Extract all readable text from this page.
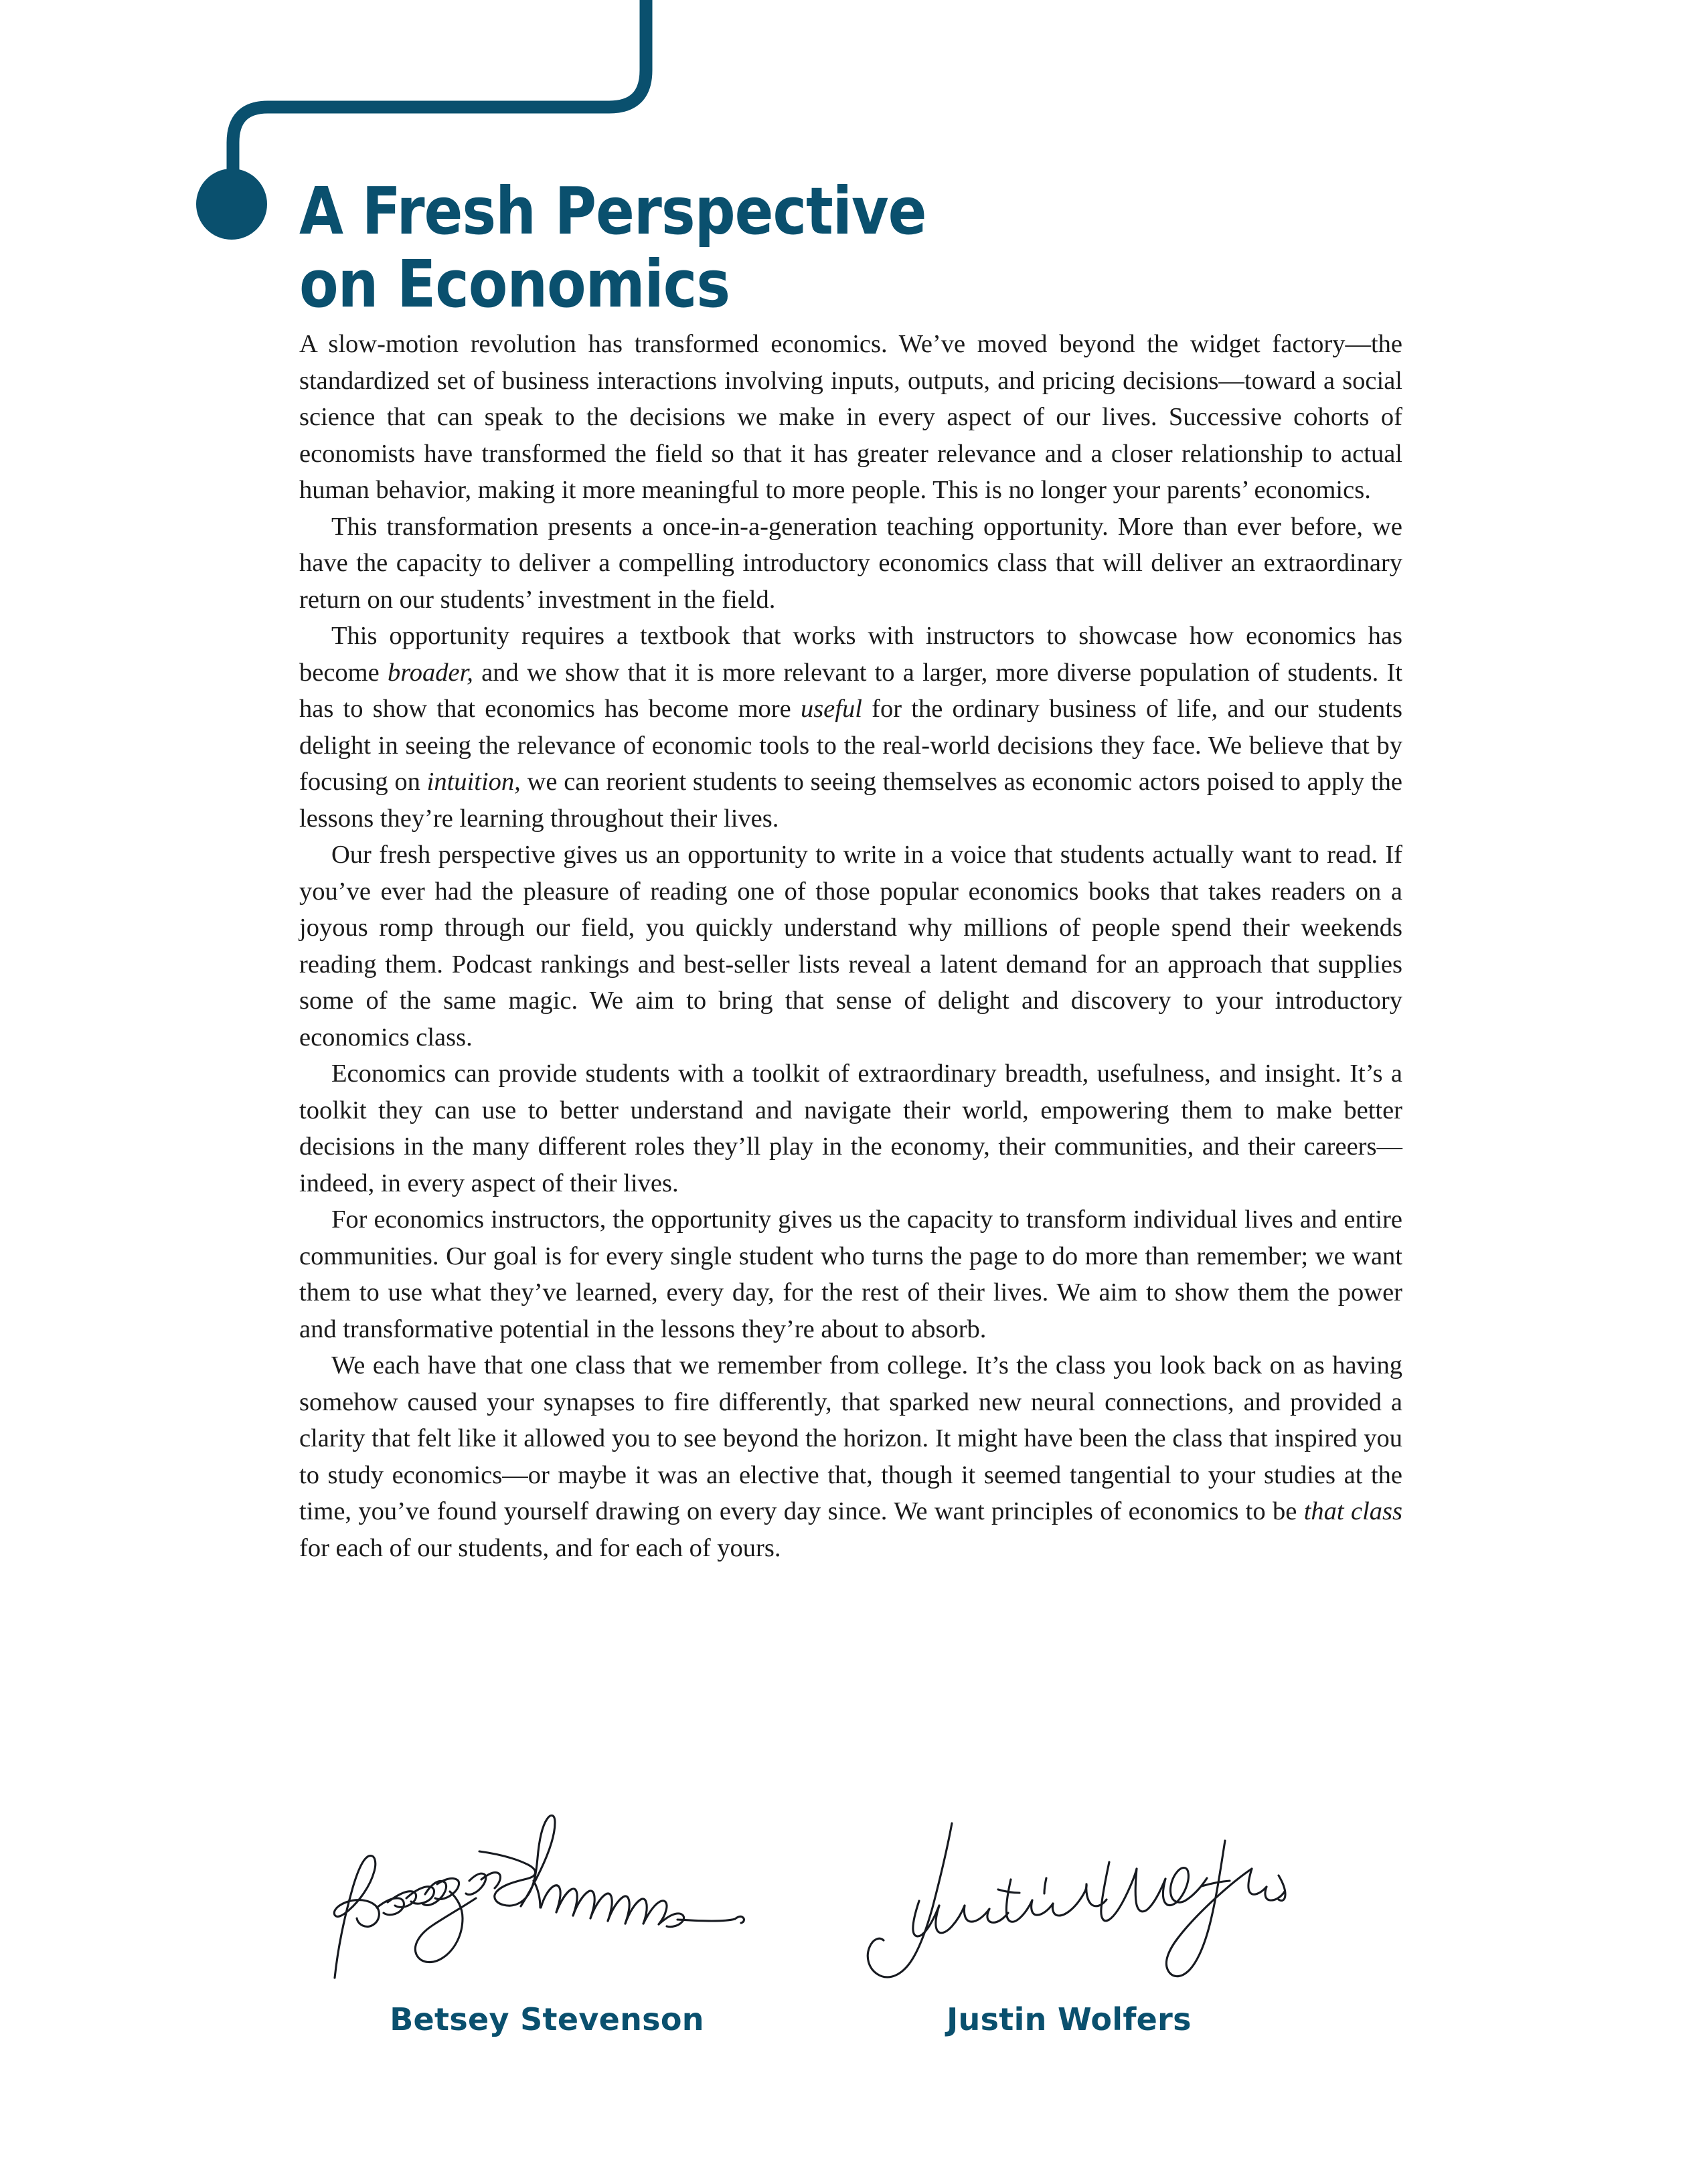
A Fresh Perspective
on Economics

A slow-motion revolution has transformed economics. We’ve moved beyond the widget factory—the standardized set of business interactions involving inputs, outputs, and pricing decisions—toward a social science that can speak to the decisions we make in every aspect of our lives. Successive cohorts of economists have transformed the field so that it has greater relevance and a closer relationship to actual human behavior, making it more meaningful to more people. This is no longer your parents’ economics.

This transformation presents a once-in-a-generation teaching opportunity. More than ever before, we have the capacity to deliver a compelling introductory economics class that will deliver an extraordinary return on our students’ investment in the field.

This opportunity requires a textbook that works with instructors to showcase how economics has become broader, and we show that it is more relevant to a larger, more diverse population of students. It has to show that economics has become more useful for the ordinary business of life, and our students delight in seeing the relevance of economic tools to the real-world decisions they face. We believe that by focusing on intuition, we can reorient students to seeing themselves as economic actors poised to apply the lessons they’re learning throughout their lives.

Our fresh perspective gives us an opportunity to write in a voice that students actually want to read. If you’ve ever had the pleasure of reading one of those popular economics books that takes readers on a joyous romp through our field, you quickly understand why millions of people spend their weekends reading them. Podcast rankings and best-seller lists reveal a latent demand for an approach that supplies some of the same magic. We aim to bring that sense of delight and discovery to your introductory economics class.

Economics can provide students with a toolkit of extraordinary breadth, usefulness, and insight. It’s a toolkit they can use to better understand and navigate their world, empowering them to make better decisions in the many different roles they’ll play in the economy, their communities, and their careers—indeed, in every aspect of their lives.

For economics instructors, the opportunity gives us the capacity to transform individual lives and entire communities. Our goal is for every single student who turns the page to do more than remember; we want them to use what they’ve learned, every day, for the rest of their lives. We aim to show them the power and transformative potential in the lessons they’re about to absorb.

We each have that one class that we remember from college. It’s the class you look back on as having somehow caused your synapses to fire differently, that sparked new neural connections, and provided a clarity that felt like it allowed you to see beyond the horizon. It might have been the class that inspired you to study economics—or maybe it was an elective that, though it seemed tangential to your studies at the time, you’ve found yourself drawing on every day since. We want principles of economics to be that class for each of our students, and for each of yours.

Betsey Stevenson	Justin Wolfers
